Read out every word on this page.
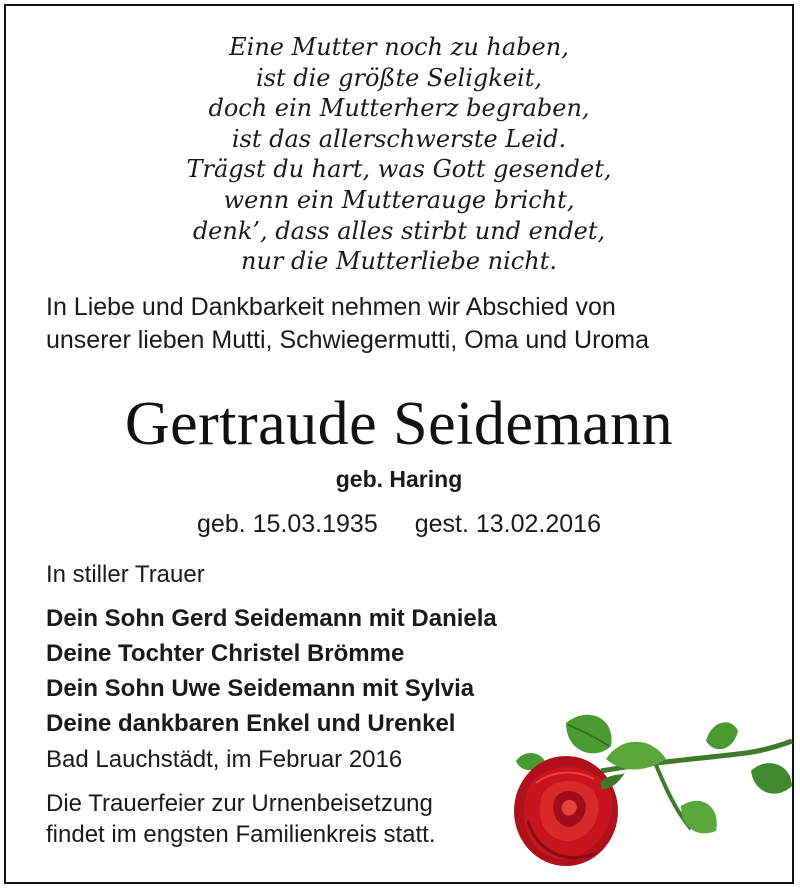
Eine Mutter noch zu haben,
ist die größte Seligkeit,
doch ein Mutterherz begraben,
ist das allerschwerste Leid.
Trägst du hart, was Gott gesendet,
wenn ein Mutterauge bricht,
denk’, dass alles stirbt und endet,
nur die Mutterliebe nicht.
In Liebe und Dankbarkeit nehmen wir Abschied von
unserer lieben Mutti, Schwiegermutti, Oma und Uroma
Gertraude Seidemann
geb. Haring
geb. 15.03.1935 gest. 13.02.2016
In stiller Trauer
Dein Sohn Gerd Seidemann mit Daniela
Deine Tochter Christel Brömme
Dein Sohn Uwe Seidemann mit Sylvia
Deine dankbaren Enkel und Urenkel
Bad Lauchstädt, im Februar 2016
Die Trauerfeier zur Urnenbeisetzung
findet im engsten Familienkreis statt.
